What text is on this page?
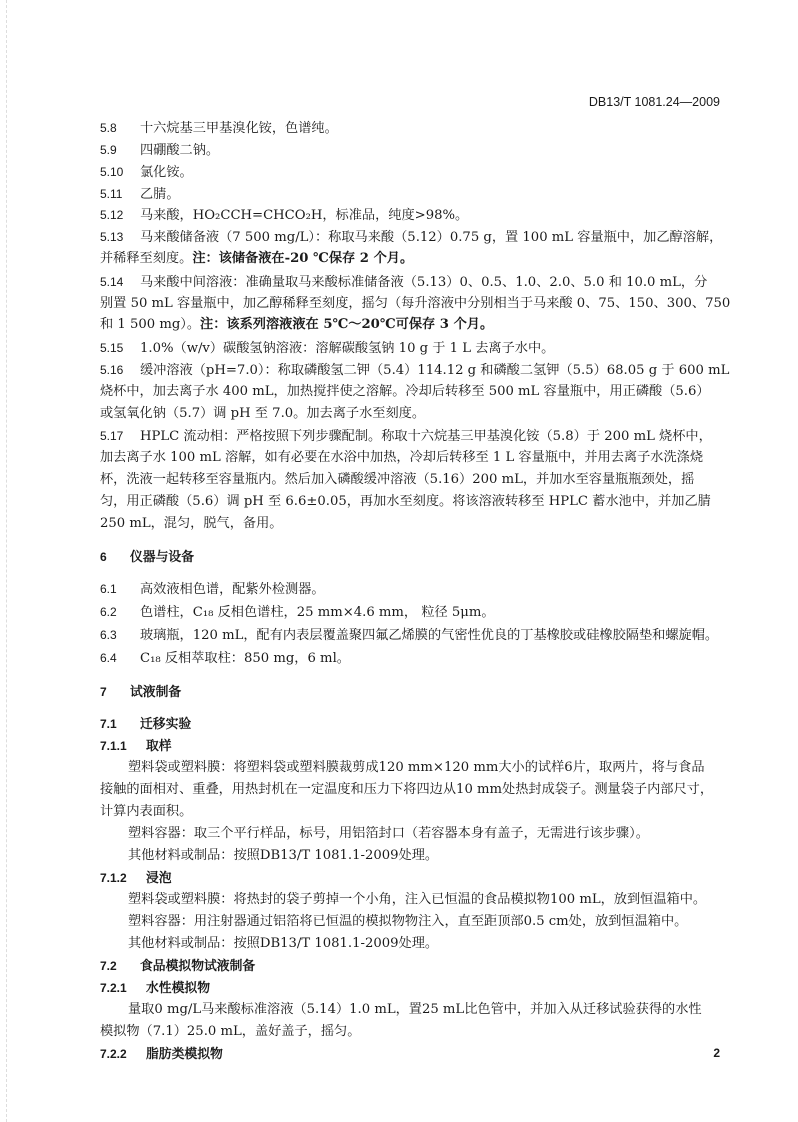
DB13/T 1081.24—2009
5.8 十六烷基三甲基溴化铵，色谱纯。
5.9 四硼酸二钠。
5.10 氯化铵。
5.11 乙腈。
5.12 马来酸，HO₂CCH=CHCO₂H，标准品，纯度>98%。
5.13 马来酸储备液（7 500 mg/L）：称取马来酸（5.12）0.75 g，置 100 mL 容量瓶中，加乙醇溶解，
并稀释至刻度。注：该储备液在-20 ℃保存 2 个月。
5.14 马来酸中间溶液：准确量取马来酸标准储备液（5.13）0、0.5、1.0、2.0、5.0 和 10.0 mL，分
别置 50 mL 容量瓶中，加乙醇稀释至刻度，摇匀（每升溶液中分别相当于马来酸 0、75、150、300、750
和 1 500 mg）。注：该系列溶液液在 5℃～20℃可保存 3 个月。
5.15 1.0%（w/v）碳酸氢钠溶液：溶解碳酸氢钠 10 g 于 1 L 去离子水中。
5.16 缓冲溶液（pH=7.0）：称取磷酸氢二钾（5.4）114.12 g 和磷酸二氢钾（5.5）68.05 g 于 600 mL
烧杯中，加去离子水 400 mL，加热搅拌使之溶解。冷却后转移至 500 mL 容量瓶中，用正磷酸（5.6）
或氢氧化钠（5.7）调 pH 至 7.0。加去离子水至刻度。
5.17 HPLC 流动相：严格按照下列步骤配制。称取十六烷基三甲基溴化铵（5.8）于 200 mL 烧杯中，
加去离子水 100 mL 溶解，如有必要在水浴中加热，冷却后转移至 1 L 容量瓶中，并用去离子水洗涤烧
杯，洗液一起转移至容量瓶内。然后加入磷酸缓冲溶液（5.16）200 mL，并加水至容量瓶瓶颈处，摇
匀，用正磷酸（5.6）调 pH 至 6.6±0.05，再加水至刻度。将该溶液转移至 HPLC 蓄水池中，并加乙腈
250 mL，混匀，脱气，备用。
6 仪器与设备
6.1 高效液相色谱，配紫外检测器。
6.2 色谱柱，C₁₈ 反相色谱柱，25 mm×4.6 mm， 粒径 5μm。
6.3 玻璃瓶，120 mL，配有内表层覆盖聚四氟乙烯膜的气密性优良的丁基橡胶或硅橡胶隔垫和螺旋帽。
6.4 C₁₈ 反相萃取柱：850 mg，6 ml。
7 试液制备
7.1 迁移实验
7.1.1 取样
塑料袋或塑料膜：将塑料袋或塑料膜裁剪成120 mm×120 mm大小的试样6片，取两片，将与食品
接触的面相对、重叠，用热封机在一定温度和压力下将四边从10 mm处热封成袋子。测量袋子内部尺寸，
计算内表面积。
塑料容器：取三个平行样品，标号，用铝箔封口（若容器本身有盖子，无需进行该步骤）。
其他材料或制品：按照DB13/T 1081.1-2009处理。
7.1.2 浸泡
塑料袋或塑料膜：将热封的袋子剪掉一个小角，注入已恒温的食品模拟物100 mL，放到恒温箱中。
塑料容器：用注射器通过铝箔将已恒温的模拟物物注入，直至距顶部0.5 cm处，放到恒温箱中。
其他材料或制品：按照DB13/T 1081.1-2009处理。
7.2 食品模拟物试液制备
7.2.1 水性模拟物
量取0 mg/L马来酸标准溶液（5.14）1.0 mL，置25 mL比色管中，并加入从迁移试验获得的水性
模拟物（7.1）25.0 mL，盖好盖子，摇匀。
7.2.2 脂肪类模拟物	2
